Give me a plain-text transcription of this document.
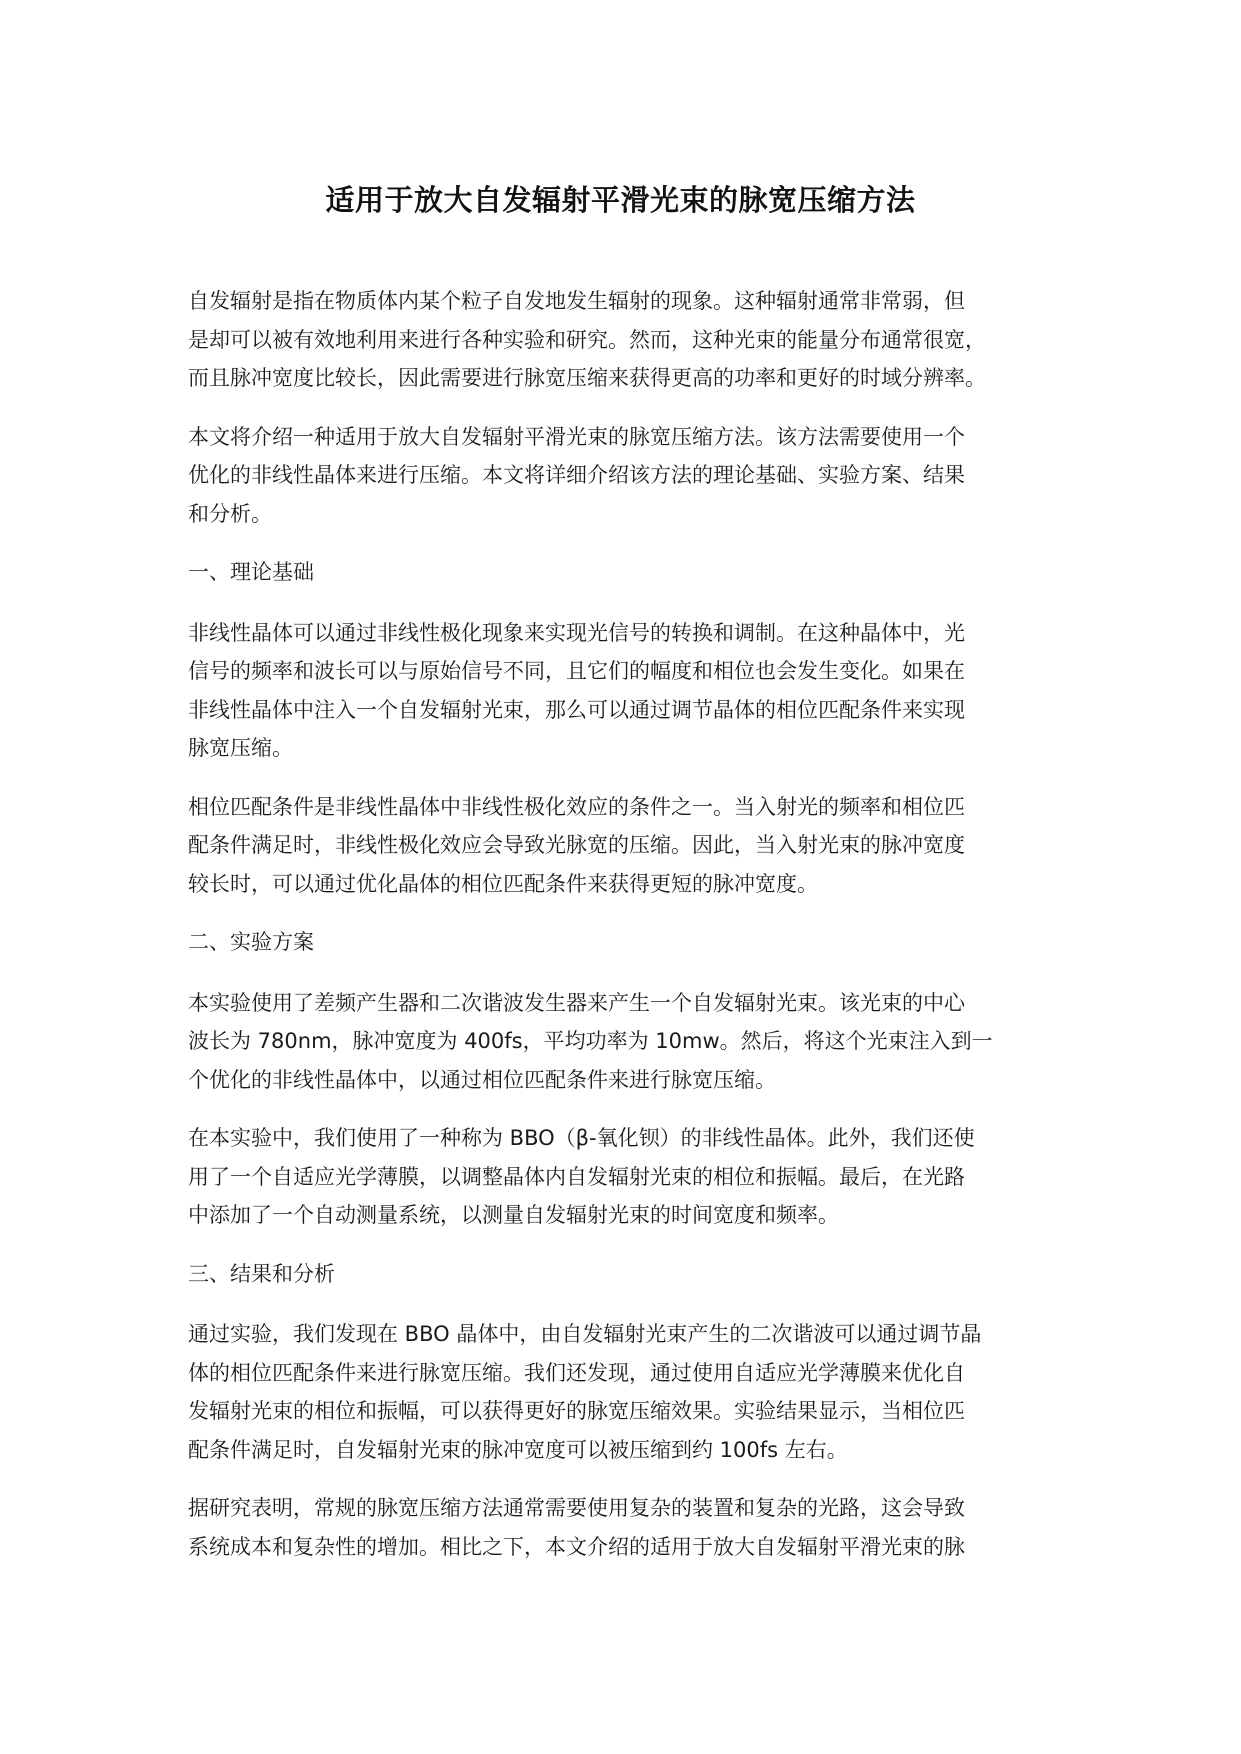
适用于放大自发辐射平滑光束的脉宽压缩方法

自发辐射是指在物质体内某个粒子自发地发生辐射的现象。这种辐射通常非常弱，但
是却可以被有效地利用来进行各种实验和研究。然而，这种光束的能量分布通常很宽，
而且脉冲宽度比较长，因此需要进行脉宽压缩来获得更高的功率和更好的时域分辨率。

本文将介绍一种适用于放大自发辐射平滑光束的脉宽压缩方法。该方法需要使用一个
优化的非线性晶体来进行压缩。本文将详细介绍该方法的理论基础、实验方案、结果
和分析。

一、理论基础

非线性晶体可以通过非线性极化现象来实现光信号的转换和调制。在这种晶体中，光
信号的频率和波长可以与原始信号不同，且它们的幅度和相位也会发生变化。如果在
非线性晶体中注入一个自发辐射光束，那么可以通过调节晶体的相位匹配条件来实现
脉宽压缩。

相位匹配条件是非线性晶体中非线性极化效应的条件之一。当入射光的频率和相位匹
配条件满足时，非线性极化效应会导致光脉宽的压缩。因此，当入射光束的脉冲宽度
较长时，可以通过优化晶体的相位匹配条件来获得更短的脉冲宽度。

二、实验方案

本实验使用了差频产生器和二次谐波发生器来产生一个自发辐射光束。该光束的中心
波长为 780nm，脉冲宽度为 400fs，平均功率为 10mw。然后，将这个光束注入到一
个优化的非线性晶体中，以通过相位匹配条件来进行脉宽压缩。

在本实验中，我们使用了一种称为 BBO（β-氧化钡）的非线性晶体。此外，我们还使
用了一个自适应光学薄膜，以调整晶体内自发辐射光束的相位和振幅。最后，在光路
中添加了一个自动测量系统，以测量自发辐射光束的时间宽度和频率。

三、结果和分析

通过实验，我们发现在 BBO 晶体中，由自发辐射光束产生的二次谐波可以通过调节晶
体的相位匹配条件来进行脉宽压缩。我们还发现，通过使用自适应光学薄膜来优化自
发辐射光束的相位和振幅，可以获得更好的脉宽压缩效果。实验结果显示，当相位匹
配条件满足时，自发辐射光束的脉冲宽度可以被压缩到约 100fs 左右。

据研究表明，常规的脉宽压缩方法通常需要使用复杂的装置和复杂的光路，这会导致
系统成本和复杂性的增加。相比之下，本文介绍的适用于放大自发辐射平滑光束的脉
